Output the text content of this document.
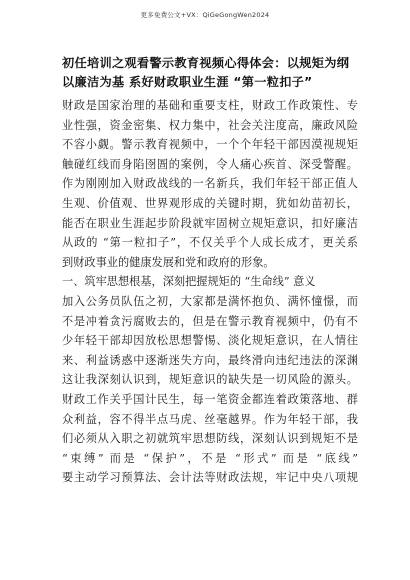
更多免费公文+VX：QiGeGongWen2024
初任培训之观看警示教育视频心得体会：以规矩为纲
以廉洁为基 系好财政职业生涯 “第一粒扣子”
财政是国家治理的基础和重要支柱，财政工作政策性、专
业性强，资金密集、权力集中，社会关注度高，廉政风险
不容小觑。警示教育视频中，一个个年轻干部因漠视规矩
触碰红线而身陷囹圄的案例，令人痛心疾首、深受警醒。
作为刚刚加入财政战线的一名新兵，我们年轻干部正值人
生观、价值观、世界观形成的关键时期，犹如幼苗初长，
能否在职业生涯起步阶段就牢固树立规矩意识，扣好廉洁
从政的 “第一粒扣子”，不仅关乎个人成长成才，更关系
到财政事业的健康发展和党和政府的形象。
一、筑牢思想根基，深刻把握规矩的 “生命线” 意义
加入公务员队伍之初，大家都是满怀抱负、满怀憧憬，而
不是冲着贪污腐败去的，但是在警示教育视频中，仍有不
少年轻干部却因放松思想警惕、淡化规矩意识，在人情往
来、利益诱惑中逐渐迷失方向，最终滑向违纪违法的深渊
这让我深刻认识到，规矩意识的缺失是一切风险的源头。
财政工作关乎国计民生，每一笔资金都连着政策落地、群
众利益，容不得半点马虎、丝毫越界。作为年轻干部，我
们必须从入职之初就筑牢思想防线，深刻认识到规矩不是
“束缚” 而是 “保护”，不是 “形式” 而是 “底线”
要主动学习预算法、会计法等财政法规，牢记中央八项规
